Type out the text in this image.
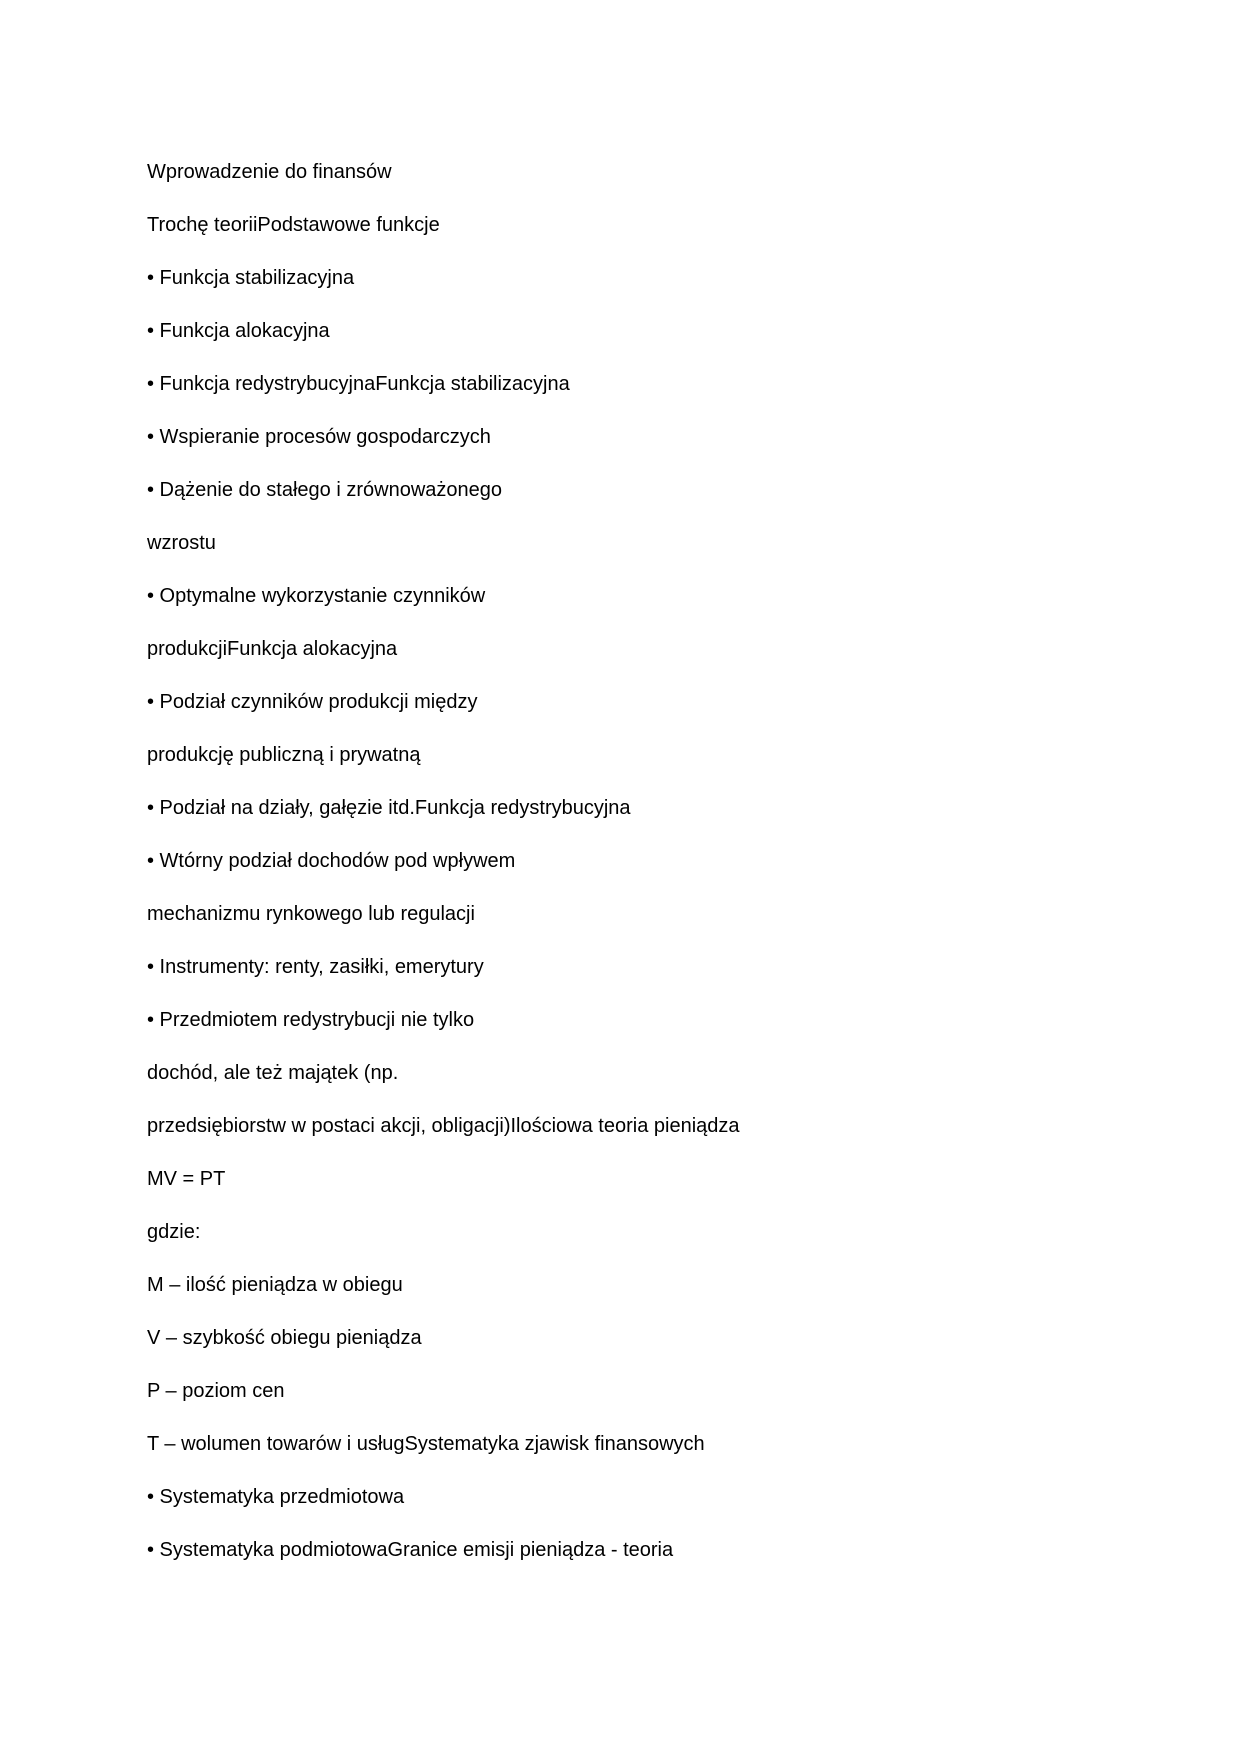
Wprowadzenie do finansów
Trochę teoriiPodstawowe funkcje
• Funkcja stabilizacyjna
• Funkcja alokacyjna
• Funkcja redystrybucyjnaFunkcja stabilizacyjna
• Wspieranie procesów gospodarczych
• Dążenie do stałego i zrównoważonego
wzrostu
• Optymalne wykorzystanie czynników
produkcjiFunkcja alokacyjna
• Podział czynników produkcji między
produkcję publiczną i prywatną
• Podział na działy, gałęzie itd.Funkcja redystrybucyjna
• Wtórny podział dochodów pod wpływem
mechanizmu rynkowego lub regulacji
• Instrumenty: renty, zasiłki, emerytury
• Przedmiotem redystrybucji nie tylko
dochód, ale też majątek (np.
przedsiębiorstw w postaci akcji, obligacji)Ilościowa teoria pieniądza
MV = PT
gdzie:
M – ilość pieniądza w obiegu
V – szybkość obiegu pieniądza
P – poziom cen
T – wolumen towarów i usługSystematyka zjawisk finansowych
• Systematyka przedmiotowa
• Systematyka podmiotowaGranice emisji pieniądza - teoria
